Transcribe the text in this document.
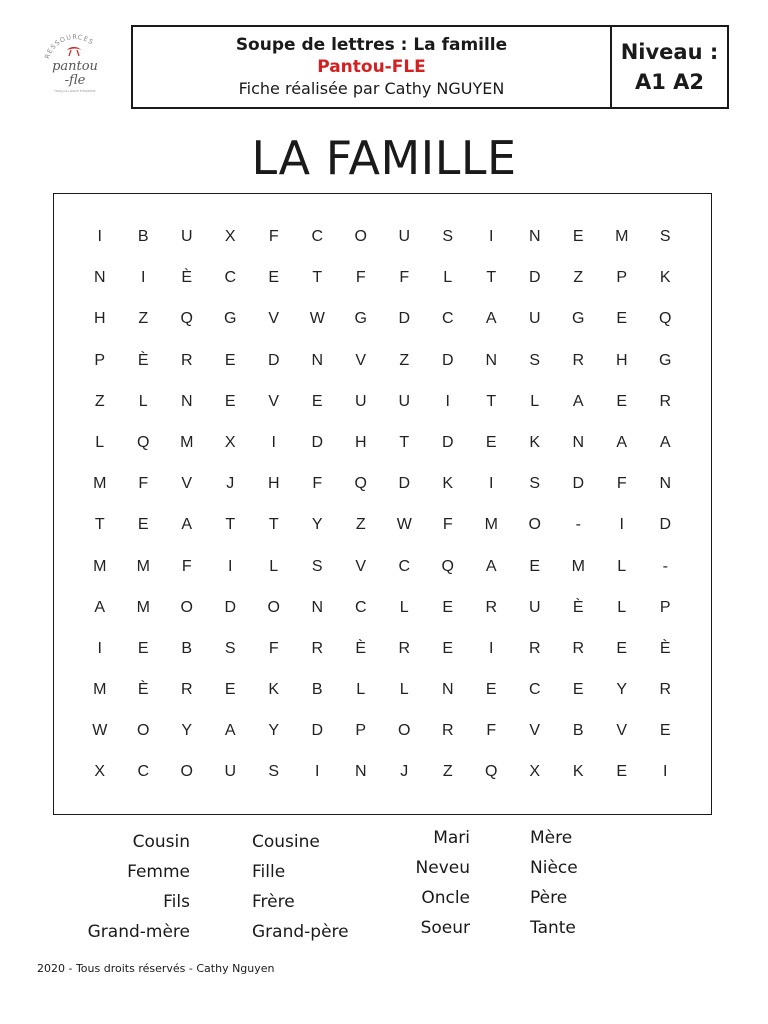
RESSOURCES
pantou
-fle
FRANÇAIS LANGUE ÉTRANGÈRE
Soupe de lettres : La famille
Pantou-FLE
Fiche réalisée par Cathy NGUYEN
Niveau :
A1 A2
LA FAMILLE
I	B	U	X	F	C	O	U	S	I	N	E	M	S
N	I	È	C	E	T	F	F	L	T	D	Z	P	K
H	Z	Q	G	V	W	G	D	C	A	U	G	E	Q
P	È	R	E	D	N	V	Z	D	N	S	R	H	G
Z	L	N	E	V	E	U	U	I	T	L	A	E	R
L	Q	M	X	I	D	H	T	D	E	K	N	A	A
M	F	V	J	H	F	Q	D	K	I	S	D	F	N
T	E	A	T	T	Y	Z	W	F	M	O	-	I	D
M	M	F	I	L	S	V	C	Q	A	E	M	L	-
A	M	O	D	O	N	C	L	E	R	U	È	L	P
I	E	B	S	F	R	È	R	E	I	R	R	E	È
M	È	R	E	K	B	L	L	N	E	C	E	Y	R
W	O	Y	A	Y	D	P	O	R	F	V	B	V	E
X	C	O	U	S	I	N	J	Z	Q	X	K	E	I
Cousin
Femme
Fils
Grand-mère
Cousine
Fille
Frère
Grand-père
Mari
Neveu
Oncle
Soeur
Mère
Nièce
Père
Tante
2020 - Tous droits réservés - Cathy Nguyen
